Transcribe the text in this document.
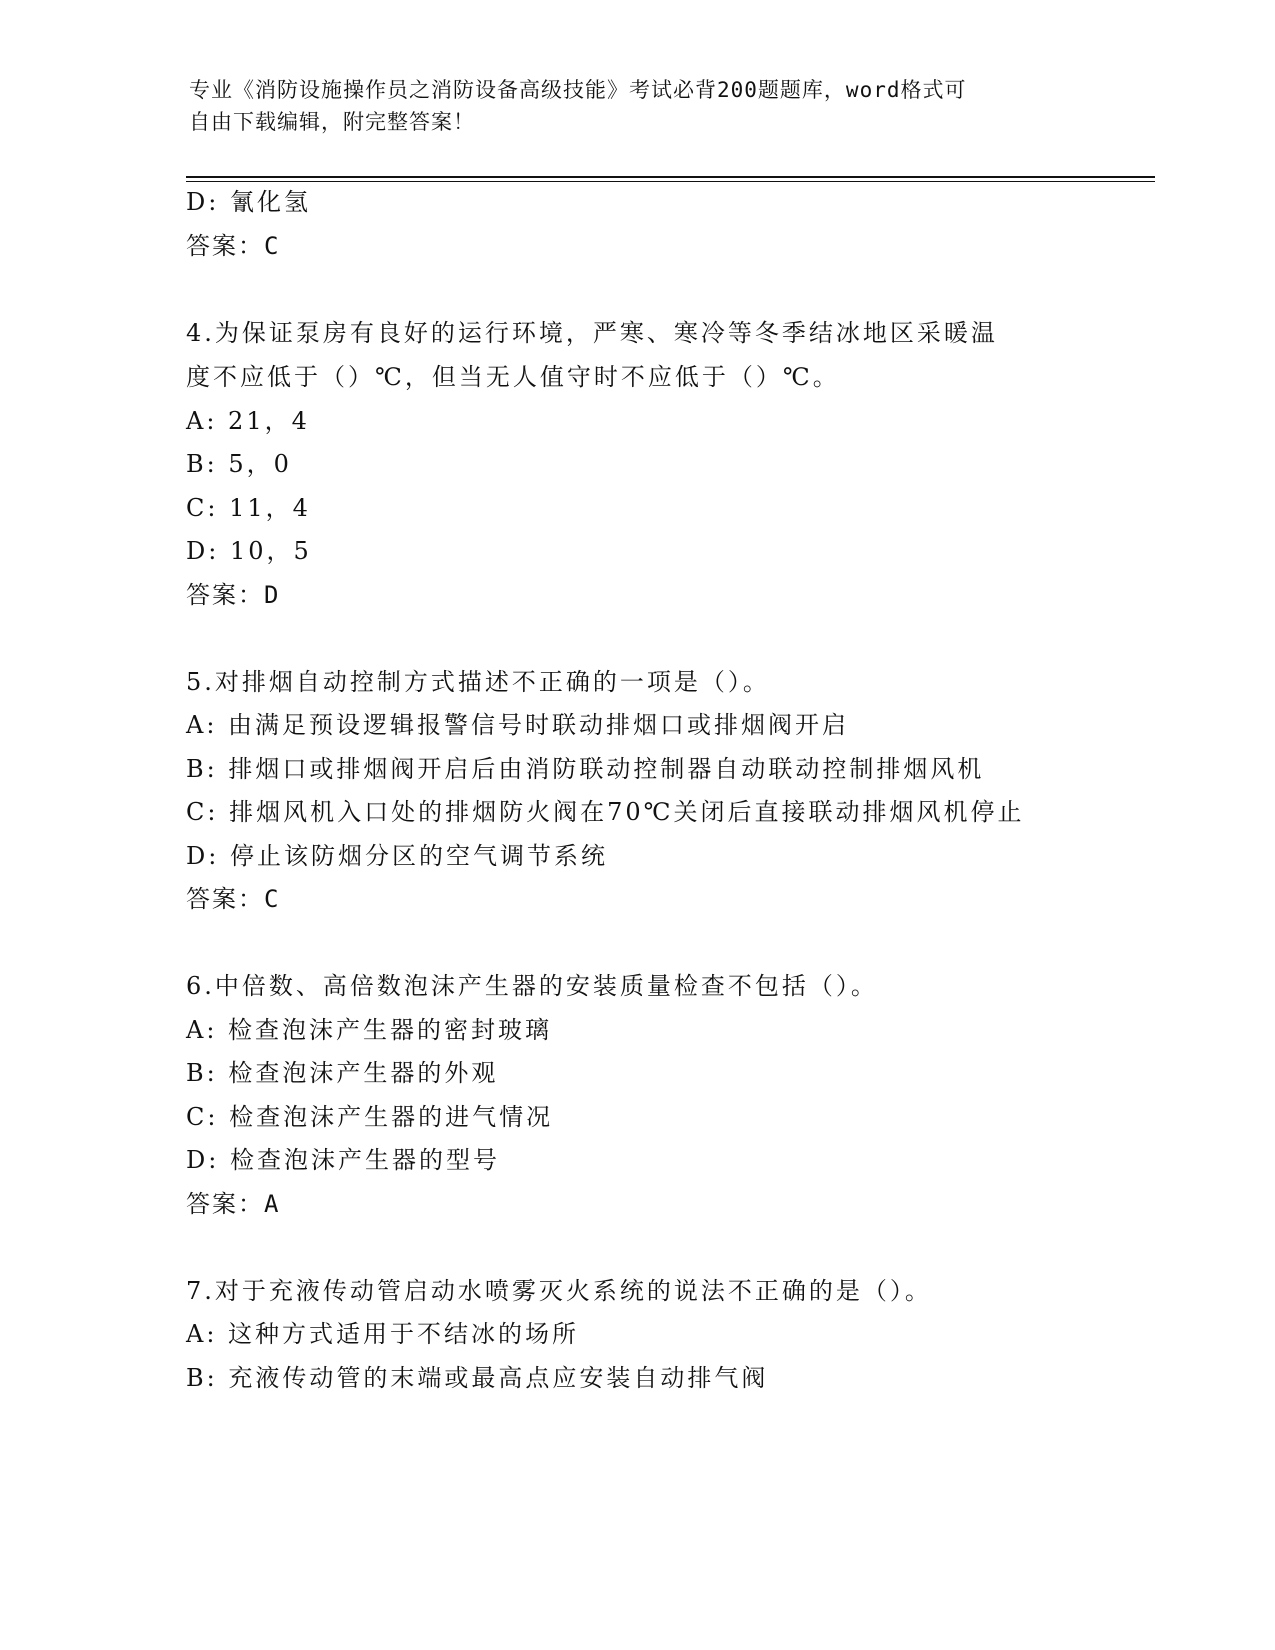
专业《消防设施操作员之消防设备高级技能》考试必背200题题库，word格式可
自由下载编辑，附完整答案！
D: 氰化氢
答案：C
4.为保证泵房有良好的运行环境，严寒、寒冷等冬季结冰地区采暖温
度不应低于（）℃，但当无人值守时不应低于（）℃。
A: 21，4
B: 5，0
C: 11，4
D: 10，5
答案：D
5.对排烟自动控制方式描述不正确的一项是（）。
A: 由满足预设逻辑报警信号时联动排烟口或排烟阀开启
B: 排烟口或排烟阀开启后由消防联动控制器自动联动控制排烟风机
C: 排烟风机入口处的排烟防火阀在70℃关闭后直接联动排烟风机停止
D: 停止该防烟分区的空气调节系统
答案：C
6.中倍数、高倍数泡沫产生器的安装质量检查不包括（）。
A: 检查泡沫产生器的密封玻璃
B: 检查泡沫产生器的外观
C: 检查泡沫产生器的进气情况
D: 检查泡沫产生器的型号
答案：A
7.对于充液传动管启动水喷雾灭火系统的说法不正确的是（）。
A: 这种方式适用于不结冰的场所
B: 充液传动管的末端或最高点应安装自动排气阀
